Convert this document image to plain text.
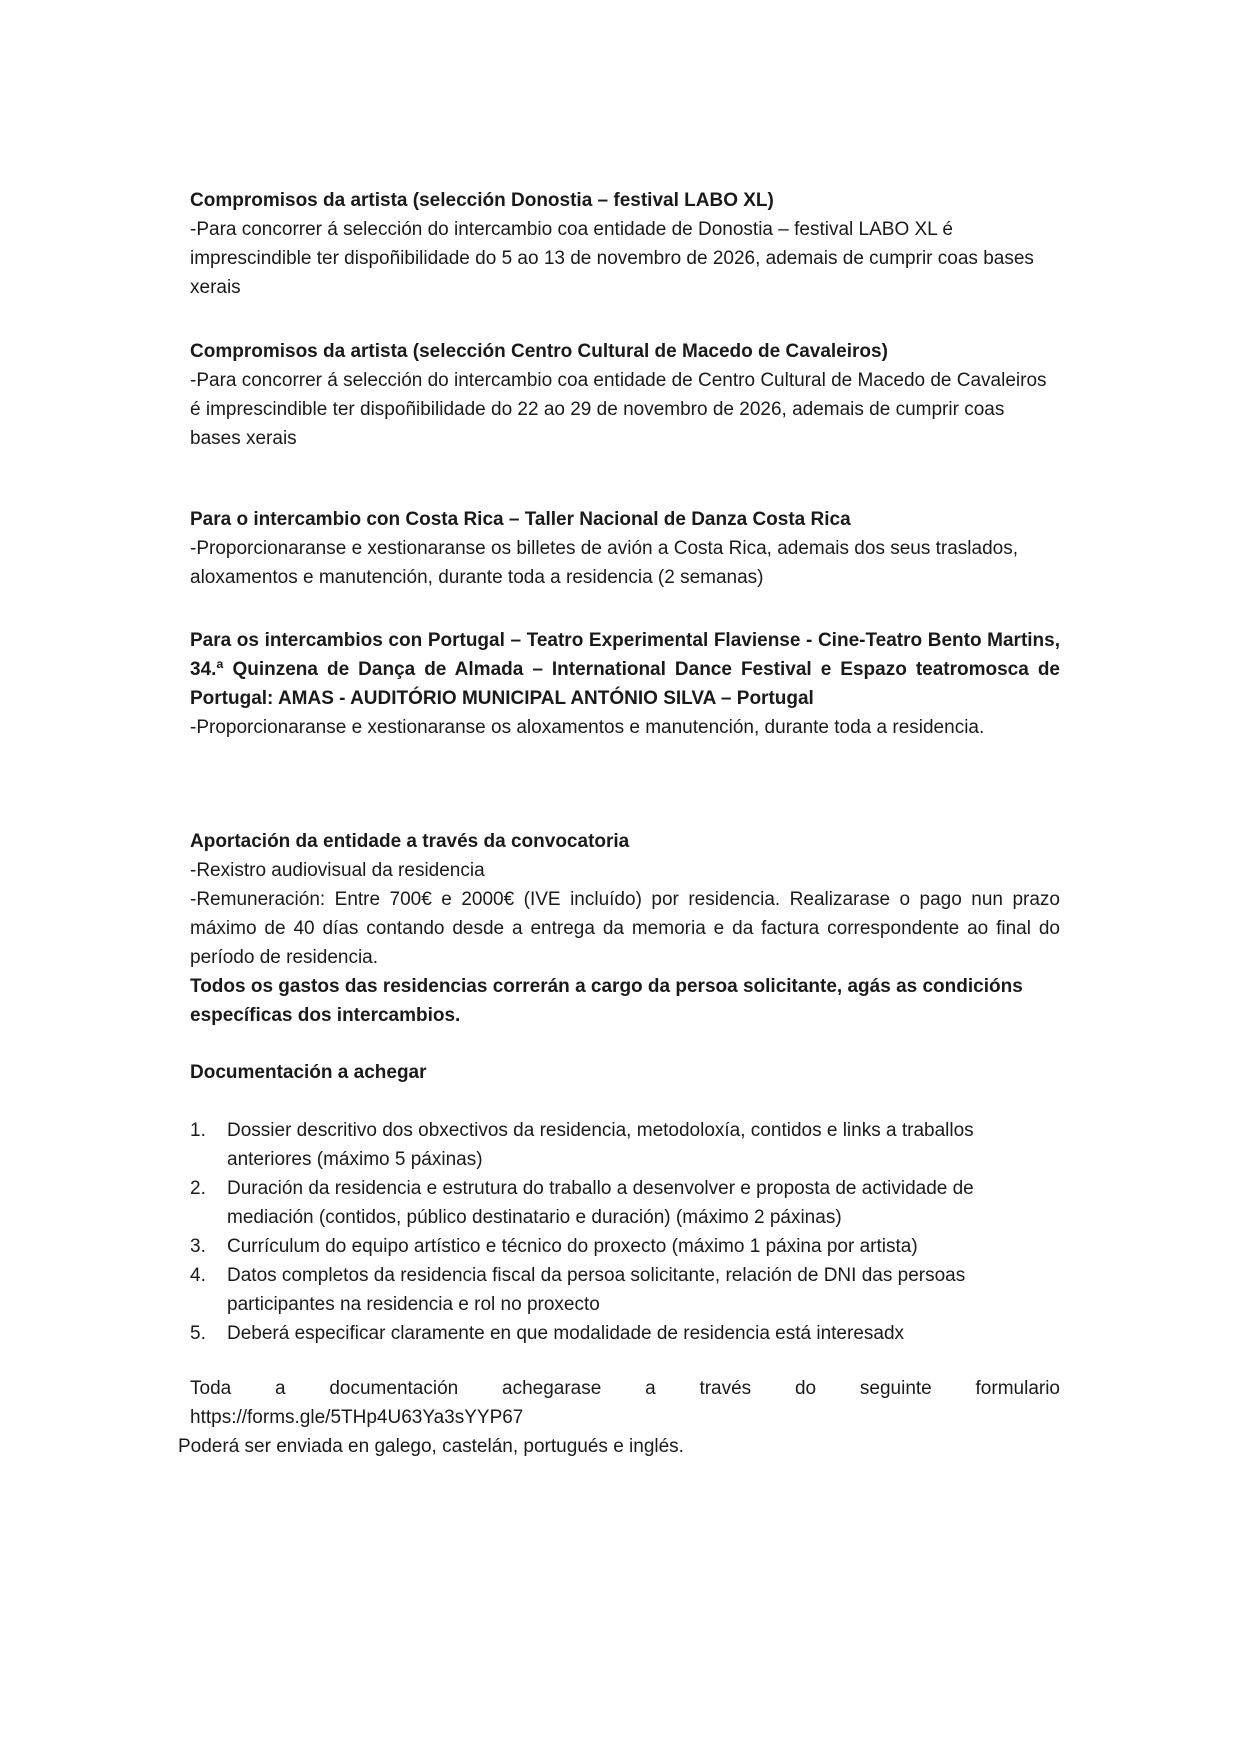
Compromisos da artista (selección Donostia – festival LABO XL)

-Para concorrer á selección do intercambio coa entidade de Donostia – festival LABO XL é imprescindible ter dispoñibilidade do 5 ao 13 de novembro de 2026, ademais de cumprir coas bases xerais

Compromisos da artista (selección Centro Cultural de Macedo de Cavaleiros)

-Para concorrer á selección do intercambio coa entidade de Centro Cultural de Macedo de Cavaleiros é imprescindible ter dispoñibilidade do 22 ao 29 de novembro de 2026, ademais de cumprir coas bases xerais

Para o intercambio con Costa Rica – Taller Nacional de Danza Costa Rica

-Proporcionaranse e xestionaranse os billetes de avión a Costa Rica, ademais dos seus traslados, aloxamentos e manutención, durante toda a residencia (2 semanas)

Para os intercambios con Portugal – Teatro Experimental Flaviense - Cine-Teatro Bento Martins, 34.ª Quinzena de Dança de Almada – International Dance Festival e Espazo teatromosca de Portugal: AMAS - AUDITÓRIO MUNICIPAL ANTÓNIO SILVA – Portugal

-Proporcionaranse e xestionaranse os aloxamentos e manutención, durante toda a residencia.

Aportación da entidade a través da convocatoria

-Rexistro audiovisual da residencia

-Remuneración: Entre 700€ e 2000€ (IVE incluído) por residencia. Realizarase o pago nun prazo máximo de 40 días contando desde a entrega da memoria e da factura correspondente ao final do período de residencia.

Todos os gastos das residencias correrán a cargo da persoa solicitante, agás as condicións específicas dos intercambios.

Documentación a achegar

1. Dossier descritivo dos obxectivos da residencia, metodoloxía, contidos e links a traballos anteriores (máximo 5 páxinas)
2. Duración da residencia e estrutura do traballo a desenvolver e proposta de actividade de mediación (contidos, público destinatario e duración) (máximo 2 páxinas)
3. Currículum do equipo artístico e técnico do proxecto (máximo 1 páxina por artista)
4. Datos completos da residencia fiscal da persoa solicitante, relación de DNI das persoas participantes na residencia e rol no proxecto
5. Deberá especificar claramente en que modalidade de residencia está interesadx

Toda a documentación achegarase a través do seguinte formulario

https://forms.gle/5THp4U63Ya3sYYP67

Poderá ser enviada en galego, castelán, portugués e inglés.
